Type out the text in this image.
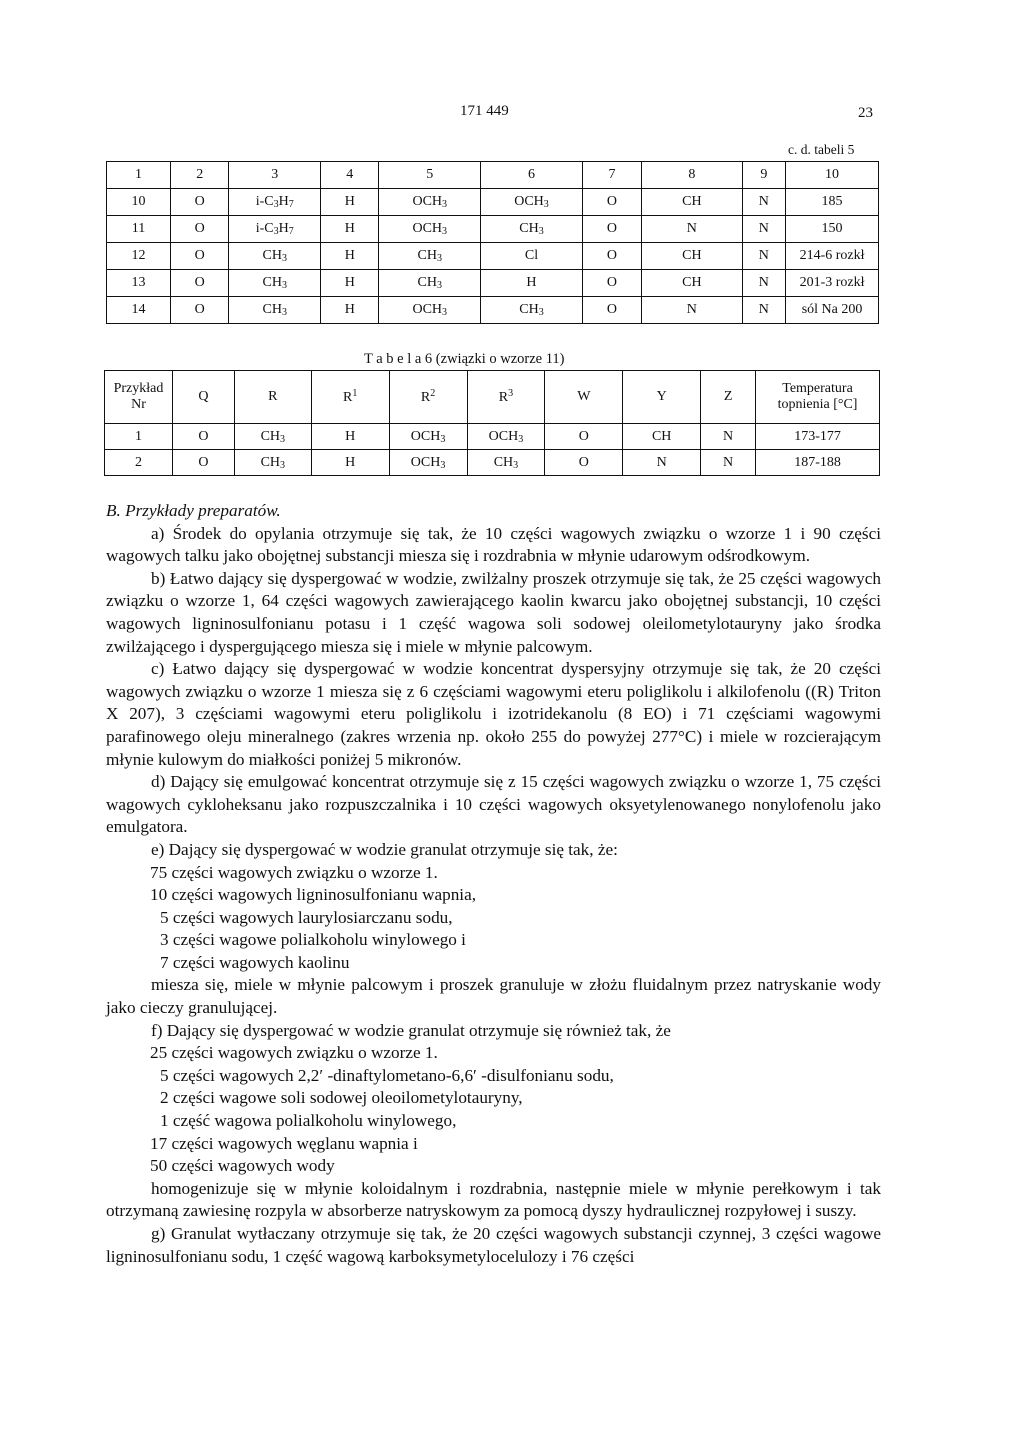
171 449	23
c. d. tabeli 5
1	2	3	4	5	6	7	8	9	10
10	O	$i-C_3H_7$	H	$OCH_3$	$OCH_3$	O	CH	N	185
11	O	$i-C_3H_7$	H	$OCH_3$	$CH_3$	O	N	N	150
12	O	$CH_3$	H	$CH_3$	Cl	O	CH	N	214-6 rozkł
13	O	$CH_3$	H	$CH_3$	H	O	CH	N	201-3 rozkł
14	O	$CH_3$	H	$OCH_3$	$CH_3$	O	N	N	sól Na 200
T a b e l a 6 (związki o wzorze 11)
Przykład
Nr	Q	R	$R^1$	$R^2$	$R^3$	W	Y	Z	Temperatura
topnienia [°C]
1	O	$CH_3$	H	$OCH_3$	$OCH_3$	O	CH	N	173-177
2	O	$CH_3$	H	$OCH_3$	$CH_3$	O	N	N	187-188

B. Przykłady preparatów.

a) Środek do opylania otrzymuje się tak, że 10 części wagowych związku o wzorze 1 i 90 części wagowych talku jako obojętnej substancji miesza się i rozdrabnia w młynie udarowym odśrodkowym.

b) Łatwo dający się dyspergować w wodzie, zwilżalny proszek otrzymuje się tak, że 25 części wagowych związku o wzorze 1, 64 części wagowych zawierającego kaolin kwarcu jako obojętnej substancji, 10 części wagowych ligninosulfonianu potasu i 1 część wagowa soli sodowej oleilometylotauryny jako środka zwilżającego i dyspergującego miesza się i miele w młynie palcowym.

c) Łatwo dający się dyspergować w wodzie koncentrat dyspersyjny otrzymuje się tak, że 20 części wagowych związku o wzorze 1 miesza się z 6 częściami wagowymi eteru poliglikolu i alkilofenolu ((R) Triton X 207), 3 częściami wagowymi eteru poliglikolu i izotridekanolu (8 EO) i 71 częściami wagowymi parafinowego oleju mineralnego (zakres wrzenia np. około 255 do powyżej 277°C) i miele w rozcierającym młynie kulowym do miałkości poniżej 5 mikronów.

d) Dający się emulgować koncentrat otrzymuje się z 15 części wagowych związku o wzorze 1, 75 części wagowych cykloheksanu jako rozpuszczalnika i 10 części wagowych oksyetylenowanego nonylofenolu jako emulgatora.

e) Dający się dyspergować w wodzie granulat otrzymuje się tak, że:

75 części wagowych związku o wzorze 1.

10 części wagowych ligninosulfonianu wapnia,

5 części wagowych laurylosiarczanu sodu,

3 części wagowe polialkoholu winylowego i

7 części wagowych kaolinu

miesza się, miele w młynie palcowym i proszek granuluje w złożu fluidalnym przez natryskanie wody jako cieczy granulującej.

f) Dający się dyspergować w wodzie granulat otrzymuje się również tak, że

25 części wagowych związku o wzorze 1.

5 części wagowych 2,2′ -dinaftylometano-6,6′ -disulfonianu sodu,

2 części wagowe soli sodowej oleoilometylotauryny,

1 część wagowa polialkoholu winylowego,

17 części wagowych węglanu wapnia i

50 części wagowych wody

homogenizuje się w młynie koloidalnym i rozdrabnia, następnie miele w młynie perełkowym i tak otrzymaną zawiesinę rozpyla w absorberze natryskowym za pomocą dyszy hydraulicznej rozpyłowej i suszy.

g) Granulat wytłaczany otrzymuje się tak, że 20 części wagowych substancji czynnej, 3 części wagowe ligninosulfonianu sodu, 1 część wagową karboksymetylocelulozy i 76 części
